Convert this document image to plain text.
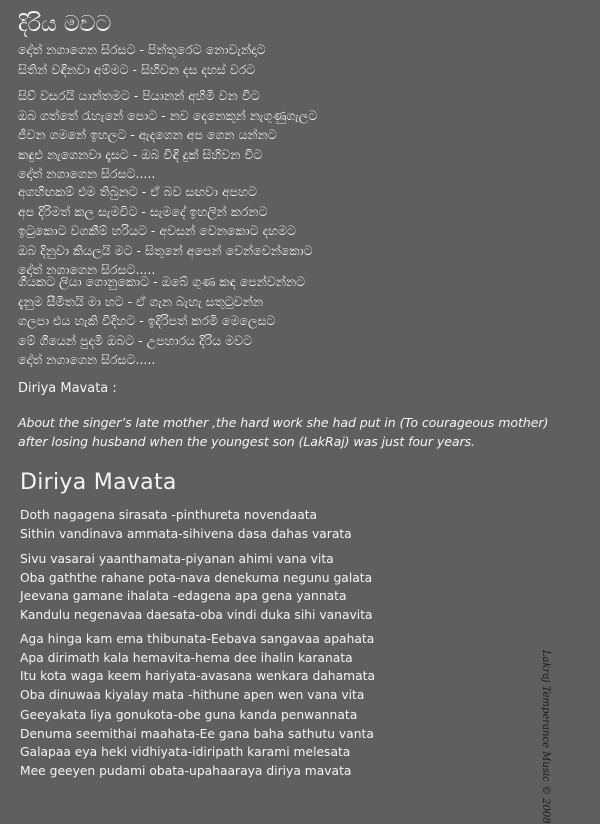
දිරිය මවට
දෝත් නගාගෙන සිරසට - පින්තූරෙට නොවැන්දාට
සිතින් වඳිනවා අම්මට - සිහිවන දස දහස් වරට
සිව් වසරයි යාන්තමට - පියානන් අහිමි වන විට
ඔබ ගත්තේ රැහැනේ පොට - නව දෙනෙකුන් නැගුණුගැලට
ජීවන ගමනේ ඉහලට - ඇදගෙන අප ගෙන යන්නට
කඳුළු නැගෙනවා දෑසට - ඔබ විඳි දුක් සිහිවන විට
දෝත් නගාගෙන සිරසට.....
අගහිඟකම් එම තිබුනට - ඒ බව සඟවා අපහට
අප දිරිමත් කල සැමවිට - සැමදේ ඉහලින් කරනට
ඉටුකොට වගකීම් හරියට - අවසන් වෙනකොට දහමට
ඔබ දිනුවා කියලයි මට - සිතුනේ අපෙන් වෙන්වෙන්කොට
දෝත් නගාගෙන සිරසට.....
ගීයකට ලියා ගොනුකොට - ඔබේ ගුණ කඳ පෙන්වන්නට
දැනුම සීමිතයි මා හට - ඒ ගැන බැහැ සතුටුවන්න
ගලපා එය හැකි විදිහට - ඉදිරිපත් කරමි මෙලෙසට
මේ ගීයෙන් පුදමි ඔබට - උපහාරය දිරිය මවට
දෝත් නගාගෙන සිරසට.....
Diriya Mavata :
About the singer’s late mother ,the hard work she had put in (To courageous mother)
after losing husband when the youngest son (LakRaj) was just four years.
Diriya Mavata
Doth nagagena sirasata -pinthureta novendaata
Sithin vandinava ammata-sihivena dasa dahas varata
Sivu vasarai yaanthamata-piyanan ahimi vana vita
Oba gaththe rahane pota-nava denekuma negunu galata
Jeevana gamane ihalata -edagena apa gena yannata
Kandulu negenavaa daesata-oba vindi duka sihi vanavita
Aga hinga kam ema thibunata-Eebava sangavaa apahata
Apa dirimath kala hemavita-hema dee ihalin karanata
Itu kota waga keem hariyata-avasana wenkara dahamata
Oba dinuwaa kiyalay mata -hithune apen wen vana vita
Geeyakata liya gonukota-obe guna kanda penwannata
Denuma seemithai maahata-Ee gana baha sathutu vanta
Galapaa eya heki vidhiyata-idiripath karami melesata
Mee geeyen pudami obata-upahaaraya diriya mavata	Lakraj Temperance Music © 2008
